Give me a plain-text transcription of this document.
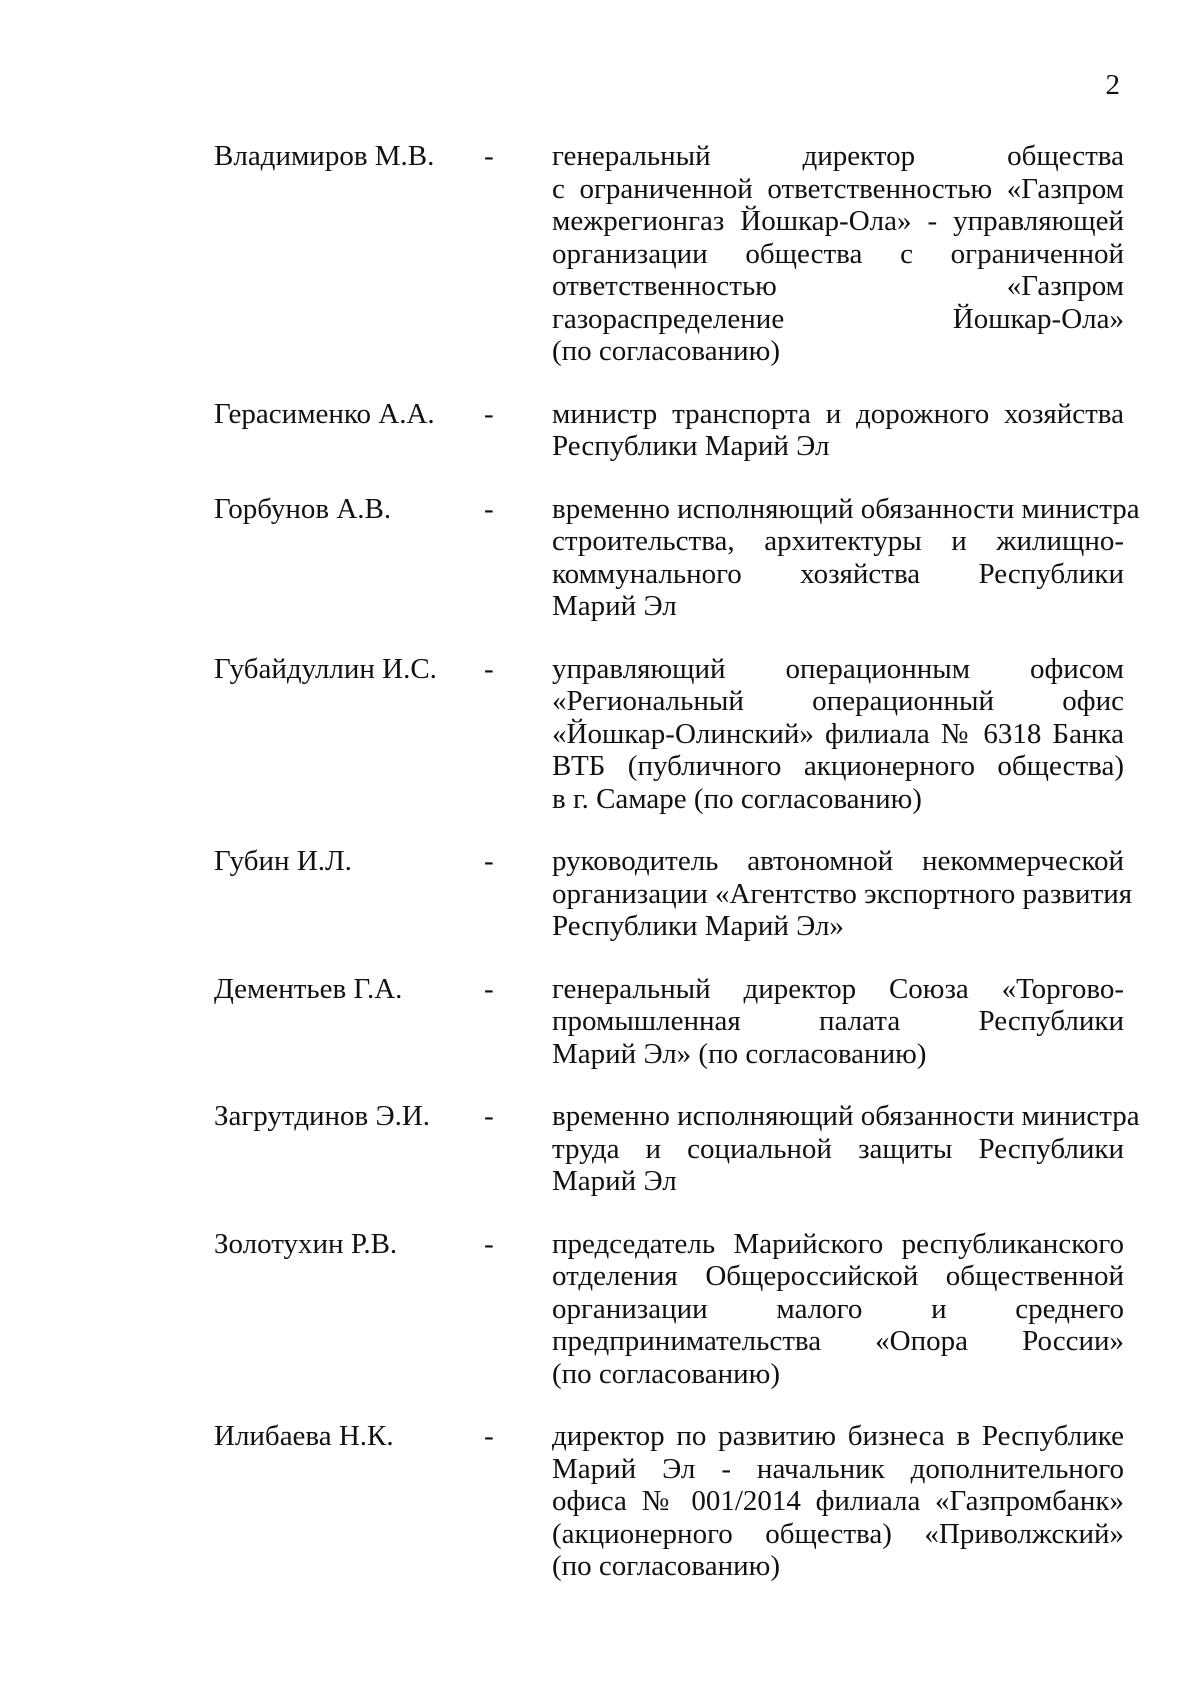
2
Владимиров М.В.	-	генеральный директор общества
с ограниченной ответственностью «Газпром
межрегионгаз Йошкар-Ола» - управляющей
организации общества с ограниченной
ответственностью «Газпром
газораспределение Йошкар-Ола»
(по согласованию)
Герасименко А.А.	-	министр транспорта и дорожного хозяйства
Республики Марий Эл
Горбунов А.В.	-	временно исполняющий обязанности министра
строительства, архитектуры и жилищно-
коммунального хозяйства Республики
Марий Эл
Губайдуллин И.С.	-	управляющий операционным офисом
«Региональный операционный офис
«Йошкар-Олинский» филиала № 6318 Банка
ВТБ (публичного акционерного общества)
в г. Самаре (по согласованию)
Губин И.Л.	-	руководитель автономной некоммерческой
организации «Агентство экспортного развития
Республики Марий Эл»
Дементьев Г.А.	-	генеральный директор Союза «Торгово-
промышленная палата Республики
Марий Эл» (по согласованию)
Загрутдинов Э.И.	-	временно исполняющий обязанности министра
труда и социальной защиты Республики
Марий Эл
Золотухин Р.В.	-	председатель Марийского республиканского
отделения Общероссийской общественной
организации малого и среднего
предпринимательства «Опора России»
(по согласованию)
Илибаева Н.К.	-	директор по развитию бизнеса в Республике
Марий Эл - начальник дополнительного
офиса № 001/2014 филиала «Газпромбанк»
(акционерного общества) «Приволжский»
(по согласованию)
